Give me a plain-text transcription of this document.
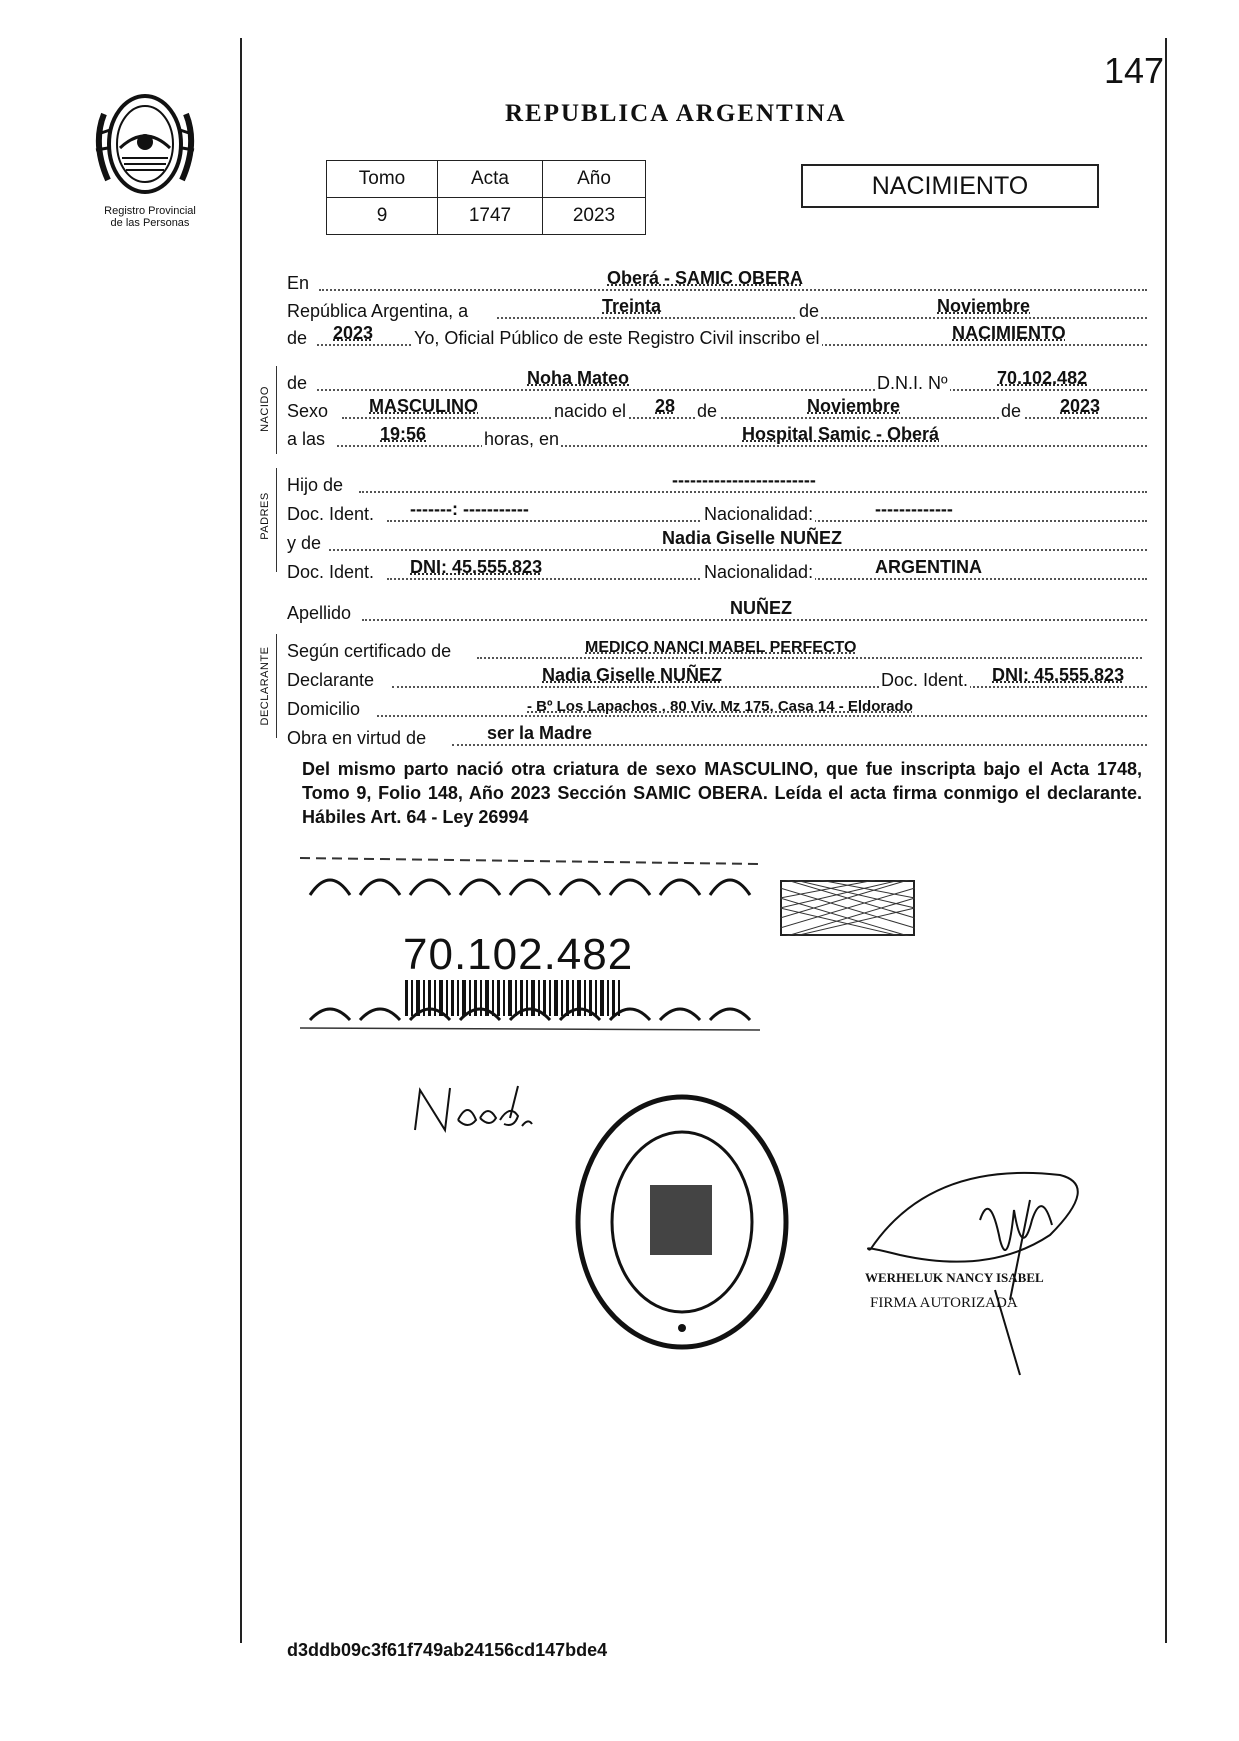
147
Registro Provincial
de las Personas
REPUBLICA ARGENTINA
Tomo	Acta	Año
9	1747	2023
NACIMIENTO
En	Oberá - SAMIC OBERA
República Argentina, a	Treinta	de	Noviembre
de 2023 Yo, Oficial Público de este Registro Civil inscribo el	NACIMIENTO
NACIDO
de	Noha Mateo	D.N.I. Nº	70.102.482
Sexo MASCULINO	nacido el 28 de	Noviembre	de 2023
a las	19:56	horas, en	Hospital Samic - Oberá
PADRES
Hijo de	------------------------
Doc. Ident. -------: -----------	Nacionalidad:	-------------
y de	Nadia Giselle NUÑEZ
Doc. Ident. DNI: 45.555.823	Nacionalidad:	ARGENTINA
Apellido	NUÑEZ
DECLARANTE Según certificado de	MEDICO NANCI MABEL PERFECTO
Declarante	Nadia Giselle NUÑEZ	Doc. Ident. DNI: 45.555.823
Domicilio	- Bº Los Lapachos , 80 Viv. Mz 175, Casa 14 - Eldorado
Obra en virtud de	ser la Madre
Del mismo parto nació otra criatura de sexo MASCULINO, que fue inscripta bajo el Acta 1748, Tomo 9, Folio 148, Año 2023 Sección SAMIC OBERA. Leída el acta firma conmigo el declarante. Hábiles Art. 64 - Ley 26994
70.102.482
WERHELUK NANCY ISABEL
FIRMA AUTORIZADA
d3ddb09c3f61f749ab24156cd147bde4
